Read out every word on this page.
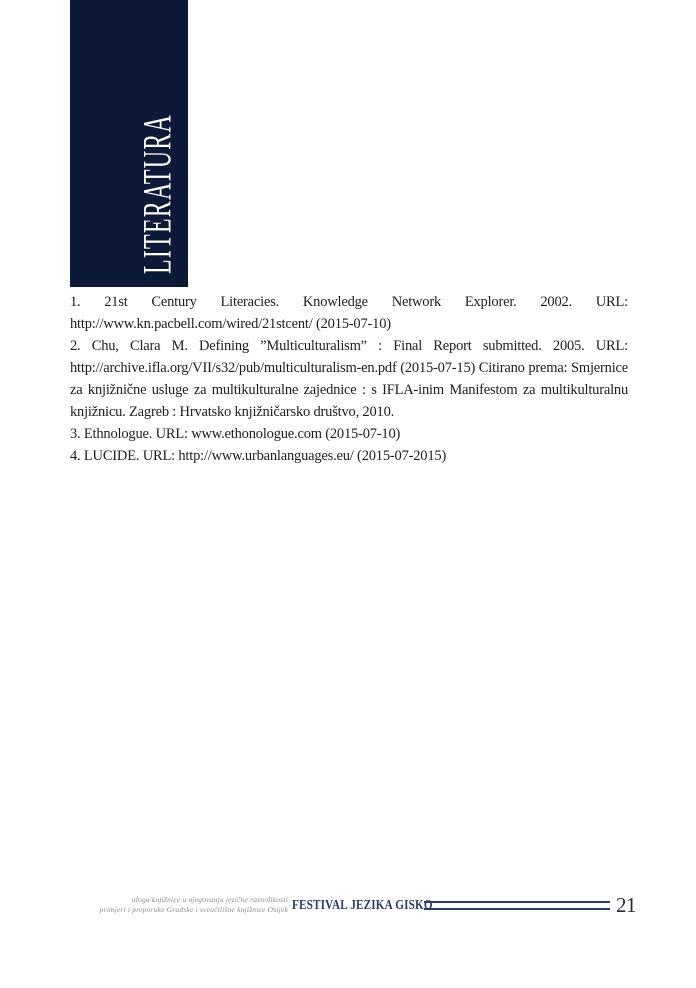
LITERATURA

1. 21st Century Literacies. Knowledge Network Explorer. 2002. URL: http://www.kn.pacbell.com/wired/21stcent/ (2015-07-10)

2. Chu, Clara M. Defining ”Multiculturalism” : Final Report submitted. 2005. URL: http://archive.ifla.org/VII/s32/pub/multiculturalism-en.pdf (2015-07-15) Citirano prema: Smjernice za knjižnične usluge za multikulturalne zajednice : s IFLA-inim Manifestom za multikulturalnu knjižnicu. Zagreb : Hrvatsko knjižničarsko društvo, 2010.

3. Ethnologue. URL: www.ethonologue.com (2015-07-10)

4. LUCIDE. URL: http://www.urbanlanguages.eu/ (2015-07-2015)

uloga knjižnice u njegovanju jezične raznolikosti
primjeri i preporuke Gradske i sveučilišne knjižnice Osijek FESTIVAL JEZIKA GISKO	21
